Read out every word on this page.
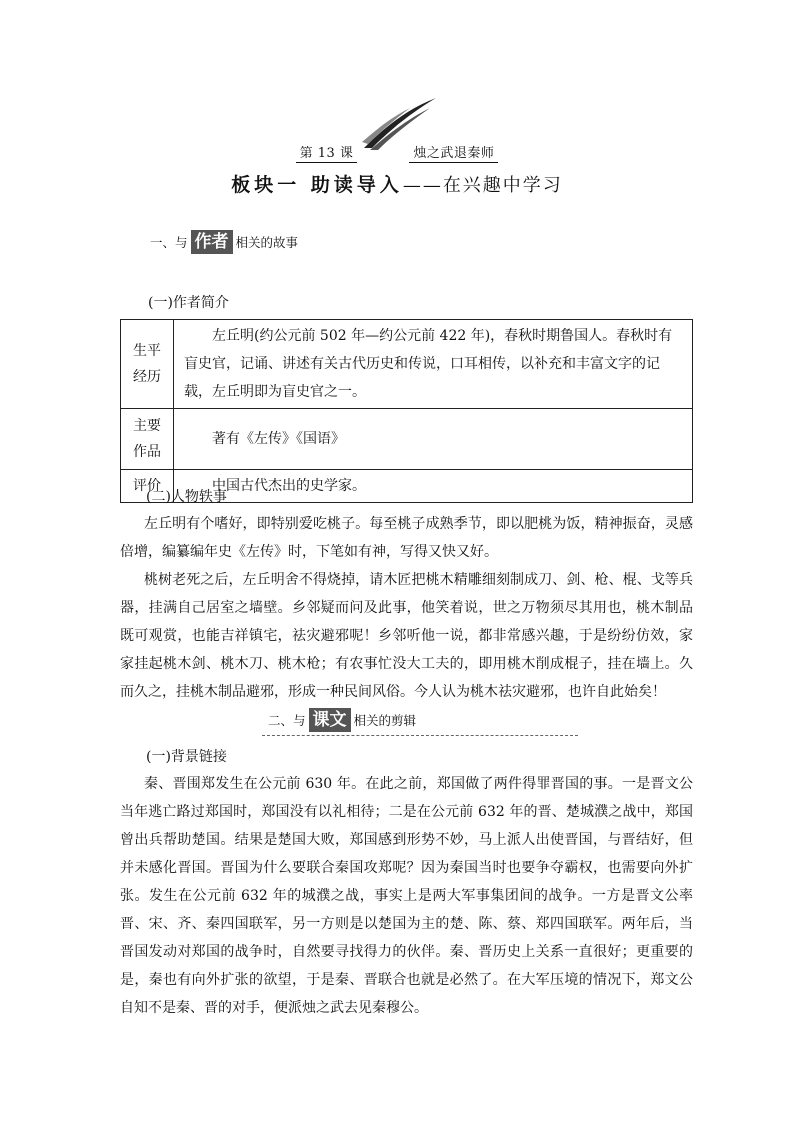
第 13 课	烛之武退秦师
板块一 助读导入——在兴趣中学习
一、与 作者 相关的故事
(一)作者简介
生平经历	左丘明(约公元前 502 年—约公元前 422 年)，春秋时期鲁国人。春秋时有盲史官，记诵、讲述有关古代历史和传说，口耳相传，以补充和丰富文字的记载，左丘明即为盲史官之一。
主要作品	著有《左传》《国语》
评价	中国古代杰出的史学家。
(二)人物轶事

左丘明有个嗜好，即特别爱吃桃子。每至桃子成熟季节，即以肥桃为饭，精神振奋，灵感倍增，编纂编年史《左传》时，下笔如有神，写得又快又好。

桃树老死之后，左丘明舍不得烧掉，请木匠把桃木精雕细刻制成刀、剑、枪、棍、戈等兵器，挂满自己居室之墙壁。乡邻疑而问及此事，他笑着说，世之万物须尽其用也，桃木制品既可观赏，也能吉祥镇宅，祛灾避邪呢！乡邻听他一说，都非常感兴趣，于是纷纷仿效，家家挂起桃木剑、桃木刀、桃木枪；有农事忙没大工夫的，即用桃木削成棍子，挂在墙上。久而久之，挂桃木制品避邪，形成一种民间风俗。今人认为桃木祛灾避邪，也许自此始矣！

二、与 课文 相关的剪辑
(一)背景链接

秦、晋围郑发生在公元前 630 年。在此之前，郑国做了两件得罪晋国的事。一是晋文公当年逃亡路过郑国时，郑国没有以礼相待；二是在公元前 632 年的晋、楚城濮之战中，郑国曾出兵帮助楚国。结果是楚国大败，郑国感到形势不妙，马上派人出使晋国，与晋结好，但并未感化晋国。晋国为什么要联合秦国攻郑呢？因为秦国当时也要争夺霸权，也需要向外扩张。发生在公元前 632 年的城濮之战，事实上是两大军事集团间的战争。一方是晋文公率晋、宋、齐、秦四国联军，另一方则是以楚国为主的楚、陈、蔡、郑四国联军。两年后，当晋国发动对郑国的战争时，自然要寻找得力的伙伴。秦、晋历史上关系一直很好；更重要的是，秦也有向外扩张的欲望，于是秦、晋联合也就是必然了。在大军压境的情况下，郑文公自知不是秦、晋的对手，便派烛之武去见秦穆公。
